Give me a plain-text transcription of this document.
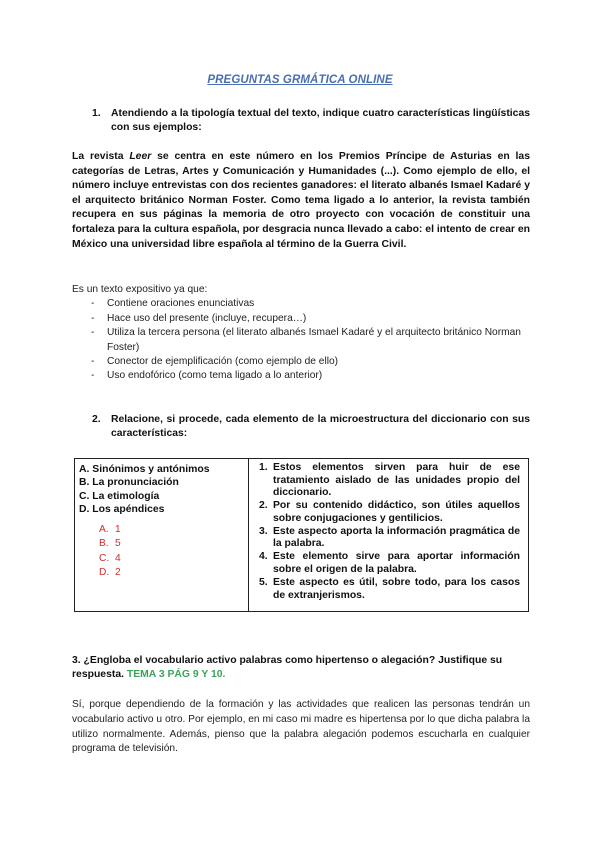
PREGUNTAS GRMÁTICA ONLINE
1. Atendiendo a la tipología textual del texto, indique cuatro características lingüísticas con sus ejemplos:
La revista Leer se centra en este número en los Premios Príncipe de Asturias en las categorías de Letras, Artes y Comunicación y Humanidades (...). Como ejemplo de ello, el número incluye entrevistas con dos recientes ganadores: el literato albanés Ismael Kadaré y el arquitecto británico Norman Foster. Como tema ligado a lo anterior, la revista también recupera en sus páginas la memoria de otro proyecto con vocación de constituir una fortaleza para la cultura española, por desgracia nunca llevado a cabo: el intento de crear en México una universidad libre española al término de la Guerra Civil.
Es un texto expositivo ya que:
- Contiene oraciones enunciativas
- Hace uso del presente (incluye, recupera…)
- Utiliza la tercera persona (el literato albanés Ismael Kadaré y el arquitecto británico Norman Foster)
- Conector de ejemplificación (como ejemplo de ello)
- Uso endofórico (como tema ligado a lo anterior)
2. Relacione, si procede, cada elemento de la microestructura del diccionario con sus características:
A. Sinónimos y antónimos
B. La pronunciación
C. La etimología
D. Los apéndices
A. 1
B. 5
C. 4
D. 2

1. Estos elementos sirven para huir de ese tratamiento aislado de las unidades propio del diccionario.
2. Por su contenido didáctico, son útiles aquellos sobre conjugaciones y gentilicios.
3. Este aspecto aporta la información pragmática de la palabra.
4. Este elemento sirve para aportar información sobre el origen de la palabra.
5. Este aspecto es útil, sobre todo, para los casos de extranjerismos.
3. ¿Engloba el vocabulario activo palabras como hipertenso o alegación? Justifique su respuesta. TEMA 3 PÁG 9 Y 10.
Sí, porque dependiendo de la formación y las actividades que realicen las personas tendrán un vocabulario activo u otro. Por ejemplo, en mi caso mi madre es hipertensa por lo que dicha palabra la utilizo normalmente. Además, pienso que la palabra alegación podemos escucharla en cualquier programa de televisión.
